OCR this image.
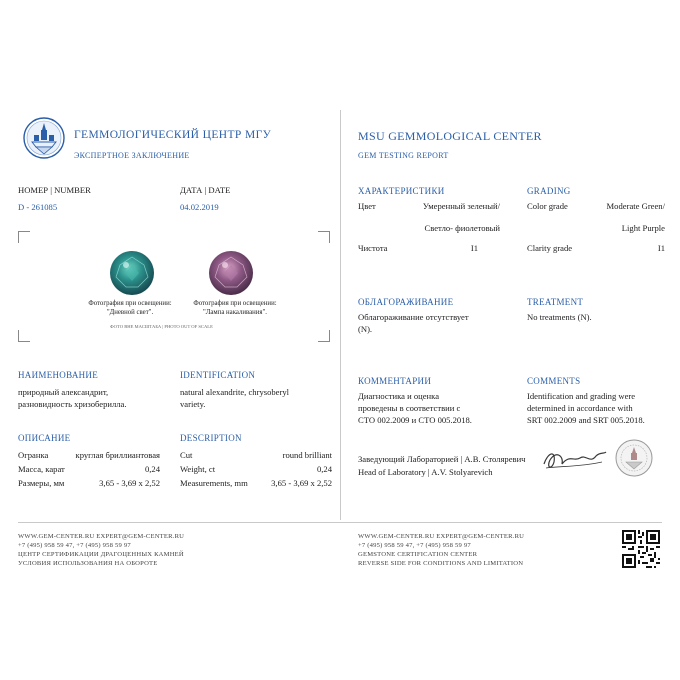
ГЕММОЛОГИЧЕСКИЙ ЦЕНТР МГУ
ЭКСПЕРТНОЕ ЗАКЛЮЧЕНИЕ
MSU GEMMOLOGICAL CENTER
GEM TESTING REPORT
НОМЕР | NUMBER
D - 261085
ДАТА | DATE
04.02.2019
Фотография при освещении:
"Дневной свет".
Фотография при освещении:
"Лампа накаливания".
ФОТО ВНЕ МАСШТАБА | PHOTO OUT OF SCALE
НАИМЕНОВАНИЕ
природный александрит,
разновидность хризоберилла.
IDENTIFICATION
natural alexandrite, chrysoberyl
variety.
ОПИСАНИЕ
Огранка	круглая бриллиантовая
Масса, карат	0,24
Размеры, мм	3,65 - 3,69 x 2,52
DESCRIPTION
Cut	round brilliant
Weight, ct	0,24
Measurements, mm	3,65 - 3,69 x 2,52
ХАРАКТЕРИСТИКИ
Цвет	Умеренный зеленый/
Светло- фиолетовый
Чистота	I1
GRADING
Color grade	Moderate Green/
Light Purple
Clarity grade	I1
ОБЛАГОРАЖИВАНИЕ
Облагораживание отсутствует
(N).
TREATMENT
No treatments (N).
КОММЕНТАРИИ
Диагностика и оценка
проведены в соответствии с
СТО 002.2009 и СТО 005.2018.
COMMENTS
Identification and grading were
determined in accordance with
SRT 002.2009 and SRT 005.2018.
Заведующий Лабораторией | А.В. Столяревич
Head of Laboratory | A.V. Stolyarevich
WWW.GEM-CENTER.RU EXPERT@GEM-CENTER.RU
+7 (495) 958 59 47, +7 (495) 958 59 97
ЦЕНТР СЕРТИФИКАЦИИ ДРАГОЦЕННЫХ КАМНЕЙ
УСЛОВИЯ ИСПОЛЬЗОВАНИЯ НА ОБОРОТЕ
WWW.GEM-CENTER.RU EXPERT@GEM-CENTER.RU
+7 (495) 958 59 47, +7 (495) 958 59 97
GEMSTONE CERTIFICATION CENTER
REVERSE SIDE FOR CONDITIONS AND LIMITATION
